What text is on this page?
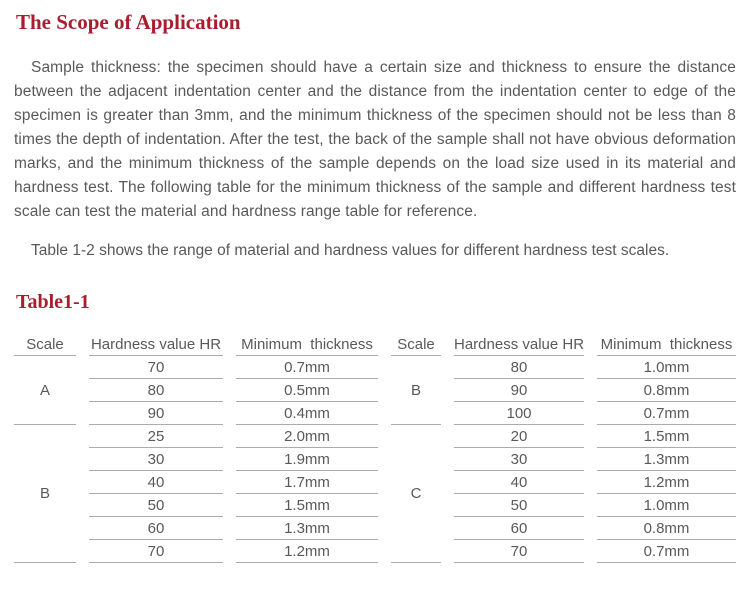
The Scope of Application

Sample thickness: the specimen should have a certain size and thickness to ensure the distance between the adjacent indentation center and the distance from the indentation center to edge of the specimen is greater than 3mm, and the minimum thickness of the specimen should not be less than 8 times the depth of indentation. After the test, the back of the sample shall not have obvious deformation marks, and the minimum thickness of the sample depends on the load size used in its material and hardness test. The following table for the minimum thickness of the sample and different hardness test scale can test the material and hardness range table for reference.

Table 1-2 shows the range of material and hardness values for different hardness test scales.

Table1-1
Scale	Hardness value HR	Minimum  thickness	Scale	Hardness value HR	Minimum  thickness
A	70	0.7mm	B	80	1.0mm
	80	0.5mm		90	0.8mm
	90	0.4mm		100	0.7mm
B	25	2.0mm	C	20	1.5mm
	30	1.9mm		30	1.3mm
	40	1.7mm		40	1.2mm
	50	1.5mm		50	1.0mm
	60	1.3mm		60	0.8mm
	70	1.2mm		70	0.7mm
